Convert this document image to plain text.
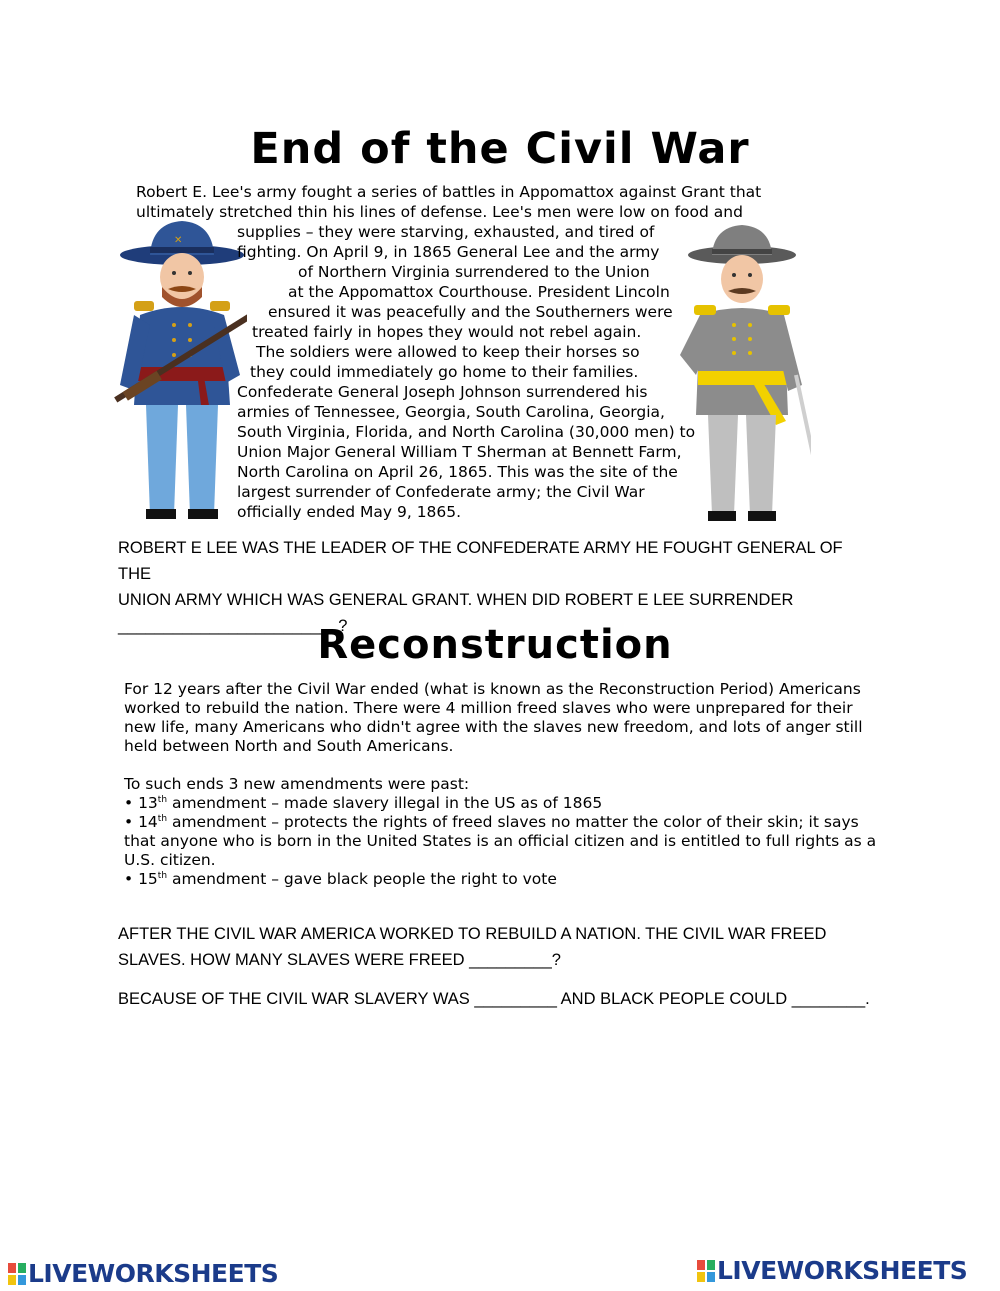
End of the Civil War
✕
Robert E. Lee's army fought a series of battles in Appomattox against Grant that
ultimately stretched thin his lines of defense. Lee's men were low on food and
supplies – they were starving, exhausted, and tired of
fighting. On April 9, in 1865 General Lee and the army
of Northern Virginia surrendered to the Union
at the Appomattox Courthouse. President Lincoln
ensured it was peacefully and the Southerners were
treated fairly in hopes they would not rebel again.
The soldiers were allowed to keep their horses so
they could immediately go home to their families.
Confederate General Joseph Johnson surrendered his
armies of Tennessee, Georgia, South Carolina, Georgia,
South Virginia, Florida, and North Carolina (30,000 men) to
Union Major General William T Sherman at Bennett Farm,
North Carolina on April 26, 1865. This was the site of the
largest surrender of Confederate army; the Civil War
officially ended May 9, 1865.
ROBERT E LEE WAS THE LEADER OF THE CONFEDERATE ARMY HE FOUGHT GENERAL OF THE
UNION ARMY WHICH WAS GENERAL GRANT. WHEN DID ROBERT E LEE SURRENDER
________________________?
Reconstruction

For 12 years after the Civil War ended (what is known as the Reconstruction Period) Americans worked to rebuild the nation. There were 4 million freed slaves who were unprepared for their new life, many Americans who didn't agree with the slaves new freedom, and lots of anger still held between North and South Americans.

To such ends 3 new amendments were past:

• 13th amendment – made slavery illegal in the US as of 1865

• 14th amendment – protects the rights of freed slaves no matter the color of their skin; it says that anyone who is born in the United States is an official citizen and is entitled to full rights as a U.S. citizen.

• 15th amendment – gave black people the right to vote

AFTER THE CIVIL WAR AMERICA WORKED TO REBUILD A NATION. THE CIVIL WAR FREED
SLAVES. HOW MANY SLAVES WERE FREED _________?
BECAUSE OF THE CIVIL WAR SLAVERY WAS _________ AND BLACK PEOPLE COULD ________.
LIVEWORKSHEETS	LIVEWORKSHEETS
